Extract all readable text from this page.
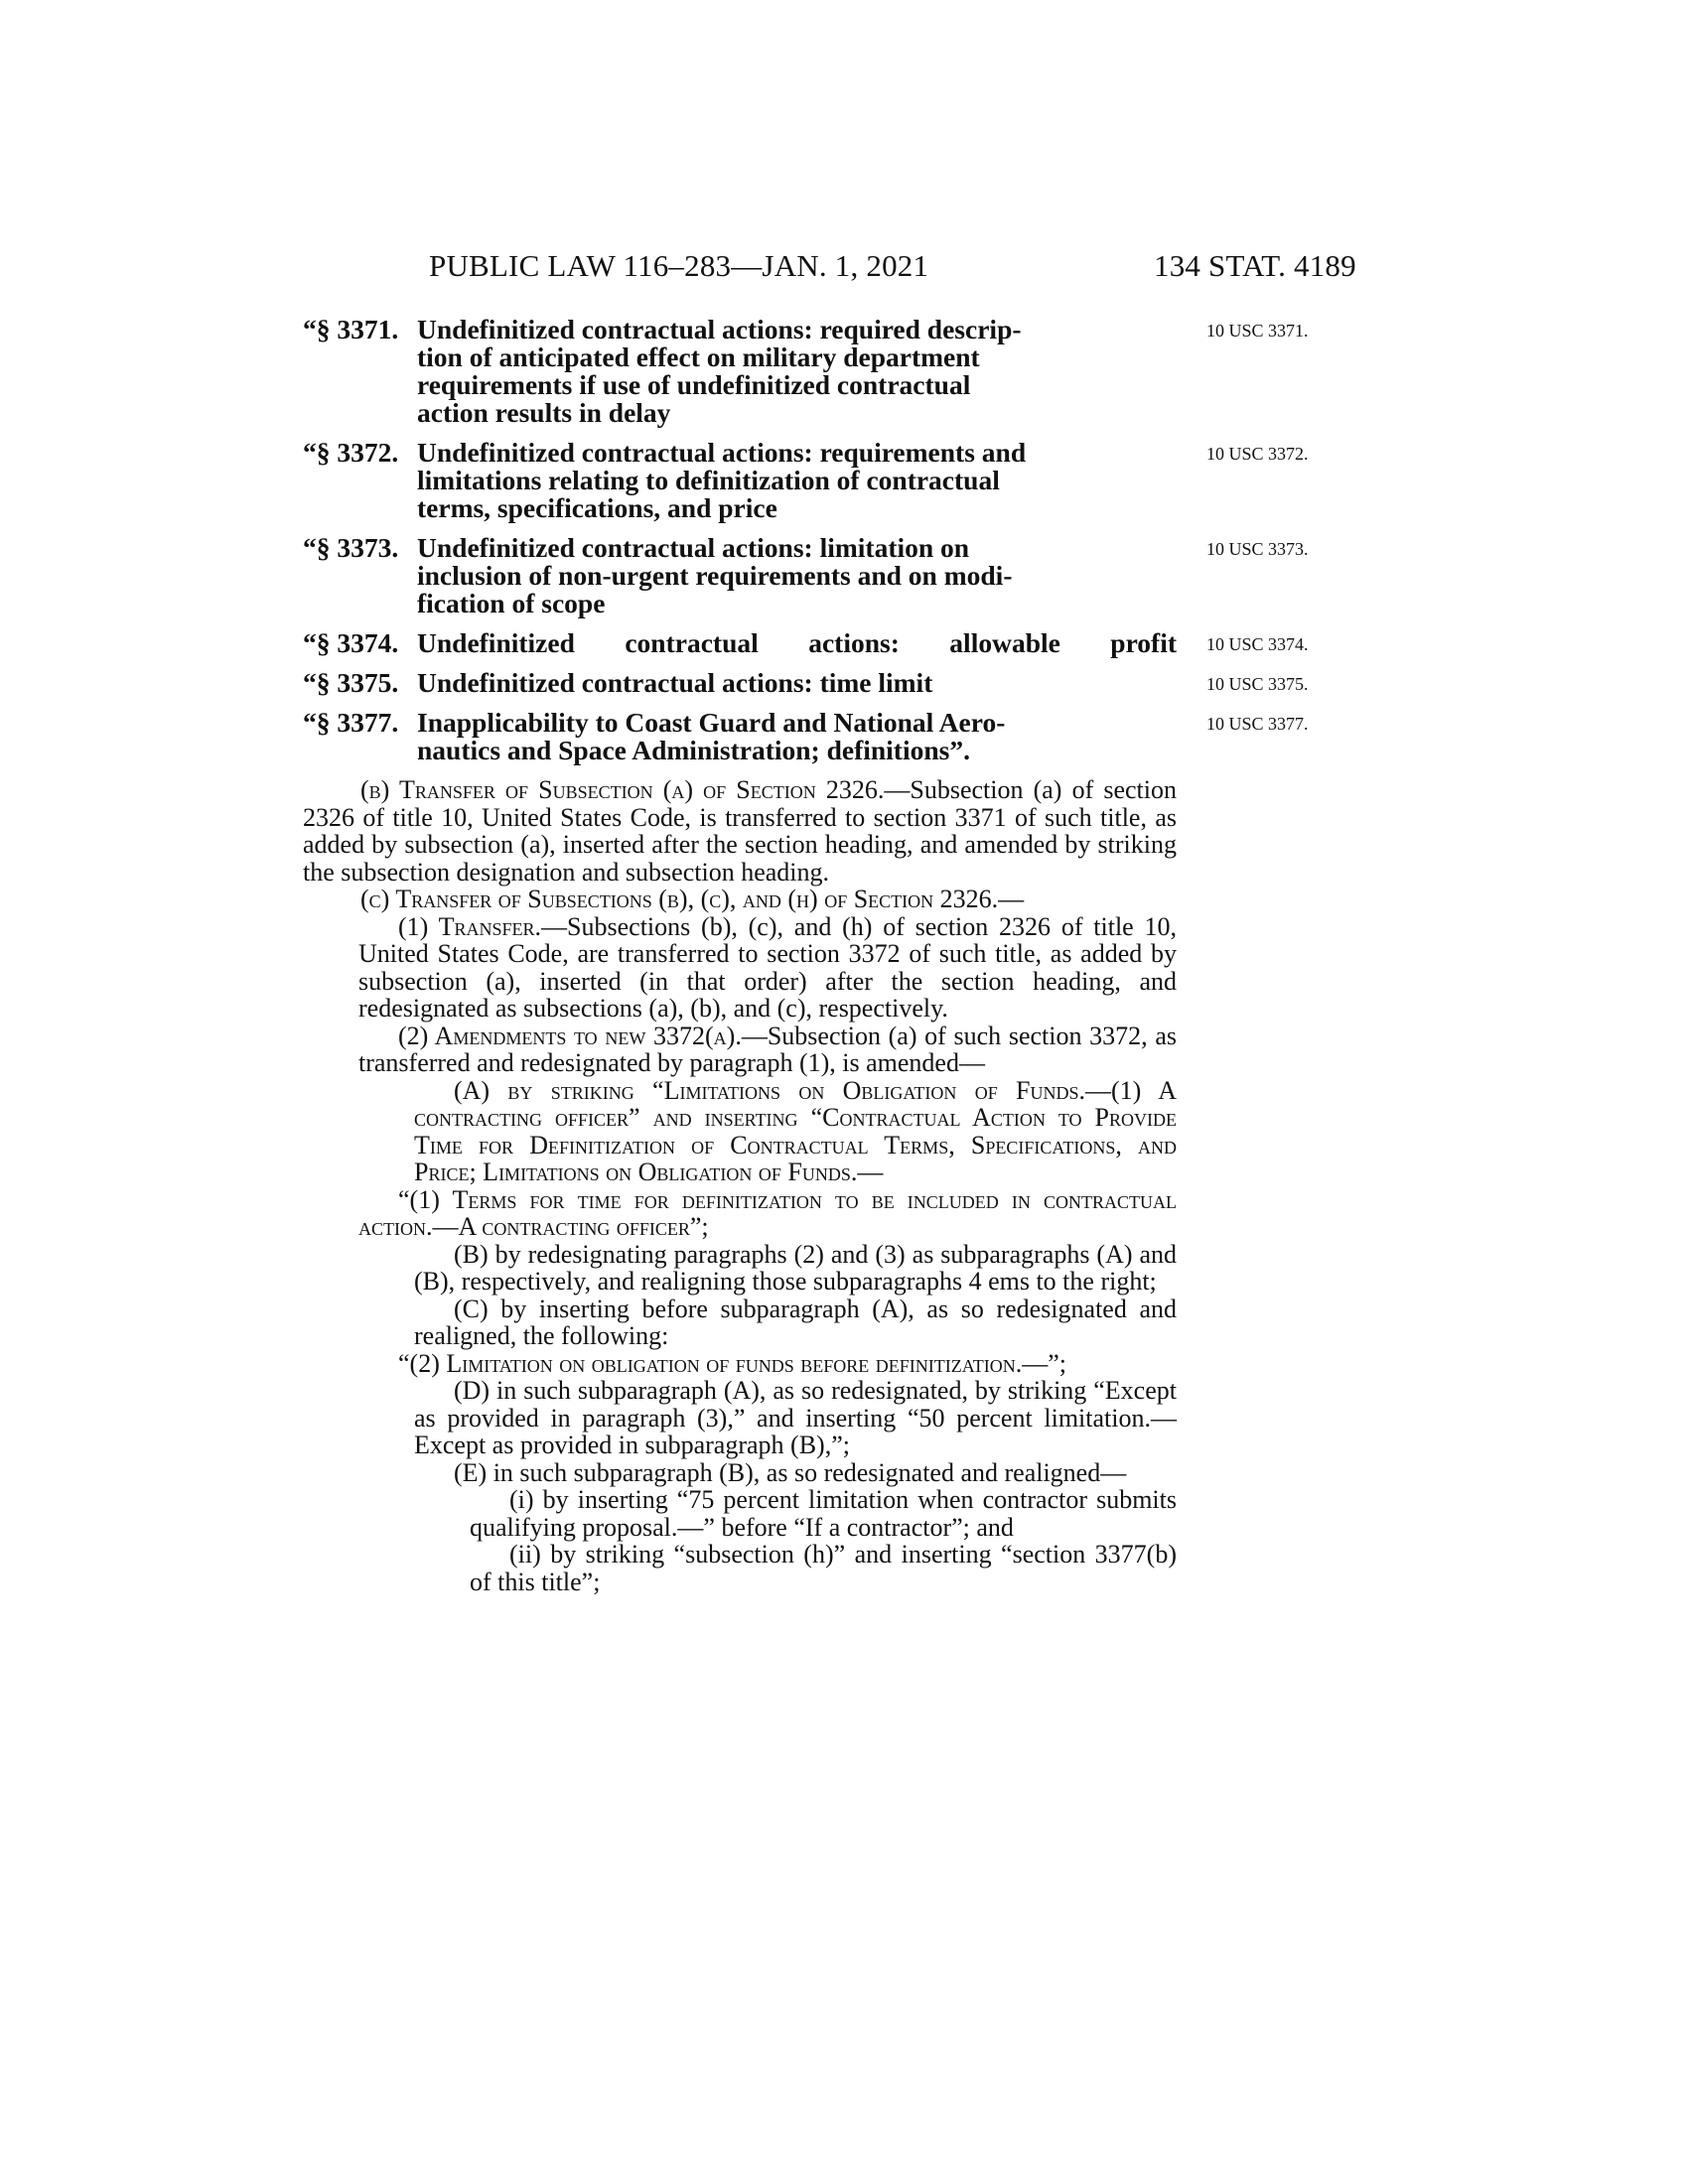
PUBLIC LAW 116–283—JAN. 1, 2021	134 STAT. 4189
“§ 3371. Undefinitized contractual actions: required descrip-
tion of anticipated effect on military department
requirements if use of undefinitized contractual
action results in delay
10 USC 3371.
“§ 3372. Undefinitized contractual actions: requirements and
limitations relating to definitization of contractual
terms, specifications, and price
10 USC 3372.
“§ 3373. Undefinitized contractual actions: limitation on
inclusion of non-urgent requirements and on modi-
fication of scope
10 USC 3373.
“§ 3374. Undefinitized contractual actions: allowable profit 10 USC 3374.
“§ 3375. Undefinitized contractual actions: time limit	10 USC 3375.
“§ 3377. Inapplicability to Coast Guard and National Aero-
nautics and Space Administration; definitions”.
10 USC 3377.

(b) Transfer of Subsection (a) of Section 2326.—Subsection (a) of section 2326 of title 10, United States Code, is transferred to section 3371 of such title, as added by subsection (a), inserted after the section heading, and amended by striking the subsection designation and subsection heading.

(c) Transfer of Subsections (b), (c), and (h) of Section 2326.—

(1) Transfer.—Subsections (b), (c), and (h) of section 2326 of title 10, United States Code, are transferred to section 3372 of such title, as added by subsection (a), inserted (in that order) after the section heading, and redesignated as subsections (a), (b), and (c), respectively.

(2) Amendments to new 3372(a).—Subsection (a) of such section 3372, as transferred and redesignated by paragraph (1), is amended—

(A) by striking “Limitations on Obligation of Funds.—(1) A contracting officer” and inserting “Contractual Action to Provide Time for Definitization of Contractual Terms, Specifications, and Price; Limitations on Obligation of Funds.—

“(1) Terms for time for definitization to be included in contractual action.—A contracting officer”;

(B) by redesignating paragraphs (2) and (3) as subparagraphs (A) and (B), respectively, and realigning those subparagraphs 4 ems to the right;

(C) by inserting before subparagraph (A), as so redesignated and realigned, the following:

“(2) Limitation on obligation of funds before definitization.—”;

(D) in such subparagraph (A), as so redesignated, by striking “Except as provided in paragraph (3),” and inserting “50 percent limitation.—Except as provided in subparagraph (B),”;

(E) in such subparagraph (B), as so redesignated and realigned—

(i) by inserting “75 percent limitation when contractor submits qualifying proposal.—” before “If a contractor”; and

(ii) by striking “subsection (h)” and inserting “section 3377(b) of this title”;
